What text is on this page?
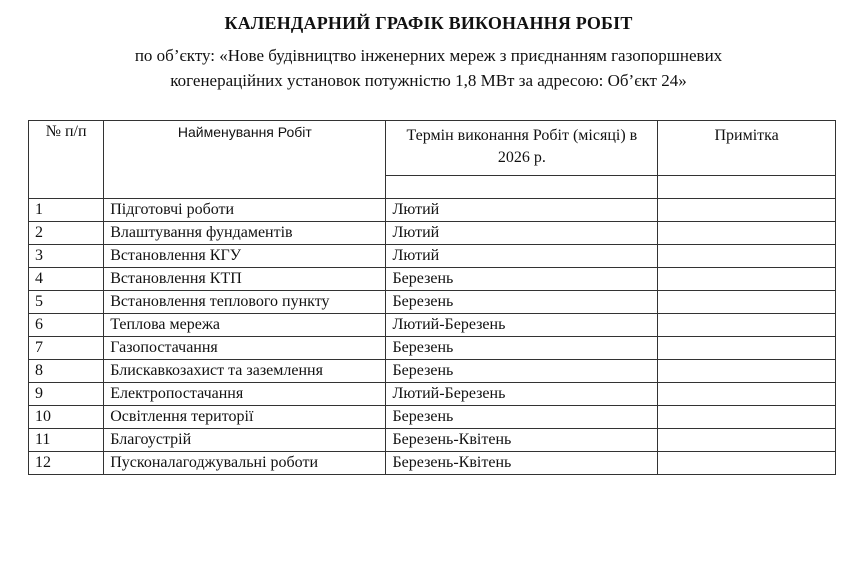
КАЛЕНДАРНИЙ ГРАФІК ВИКОНАННЯ РОБІТ
по об’єкту: «Нове будівництво інженерних мереж з приєднанням газопоршневих
когенераційних установок потужністю 1,8 МВт за адресою: Об’єкт 24»
№ п/п	Найменування Робіт	Термін виконання Робіт (місяці) в 2026 р.	Примітка

1	Підготовчі роботи	Лютий	
2	Влаштування фундаментів	Лютий	
3	Встановлення КГУ	Лютий	
4	Встановлення КТП	Березень	
5	Встановлення теплового пункту	Березень	
6	Теплова мережа	Лютий-Березень	
7	Газопостачання	Березень	
8	Блискавкозахист та заземлення	Березень	
9	Електропостачання	Лютий-Березень	
10	Освітлення території	Березень	
11	Благоустрій	Березень-Квітень	
12	Пусконалагоджувальні роботи	Березень-Квітень	
